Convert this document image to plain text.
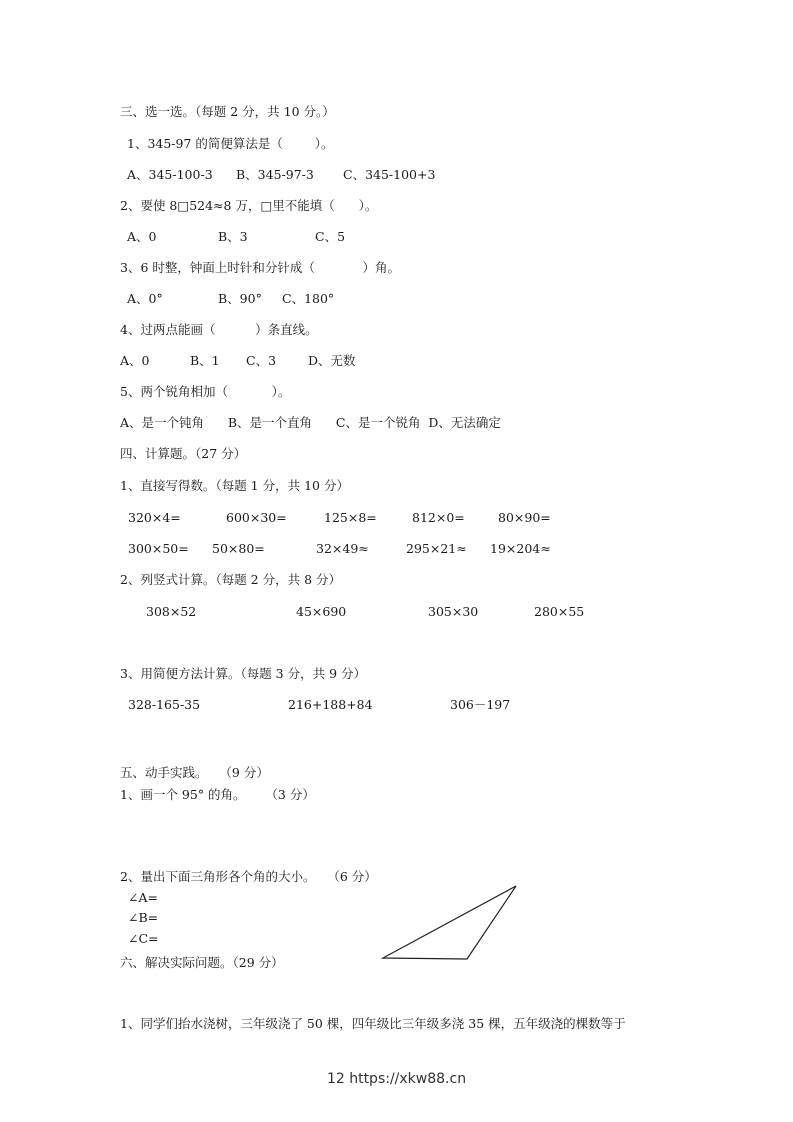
三、选一选。（每题 2 分，共 10 分。）
1、345-97 的简便算法是（        ）。
A、345-100-3 B、345-97-3 C、345-100+3
2、要使 8□524≈8 万，□里不能填（      ）。
A、0	B、3	C、5
3、6 时整，钟面上时针和分针成（            ）角。
A、0°	B、90° C、180°
4、过两点能画（          ）条直线。
A、0	B、1 C、3	D、无数
5、两个锐角相加（           ）。
A、是一个钝角      B、是一个直角      C、是一个锐角  D、无法确定
四、计算题。（27 分）
1、直接写得数。（每题 1 分，共 10 分）
320×4=	600×30=	125×8=	812×0=	80×90=
300×50= 50×80=	32×49≈	295×21≈ 19×204≈
2、列竖式计算。（每题 2 分，共 8 分）
308×52	45×690	305×30	280×55
3、用简便方法计算。（每题 3 分，共 9 分）
328-165-35	216+188+84	306－197
五、动手实践。   （9 分）
1、画一个 95° 的角。     （3 分）
2、量出下面三角形各个角的大小。   （6 分）
∠A=
∠B=
∠C=
六、解决实际问题。（29 分）
1、同学们抬水浇树，三年级浇了 50 棵，四年级比三年级多浇 35 棵，五年级浇的棵数等于
12 https://xkw88.cn
